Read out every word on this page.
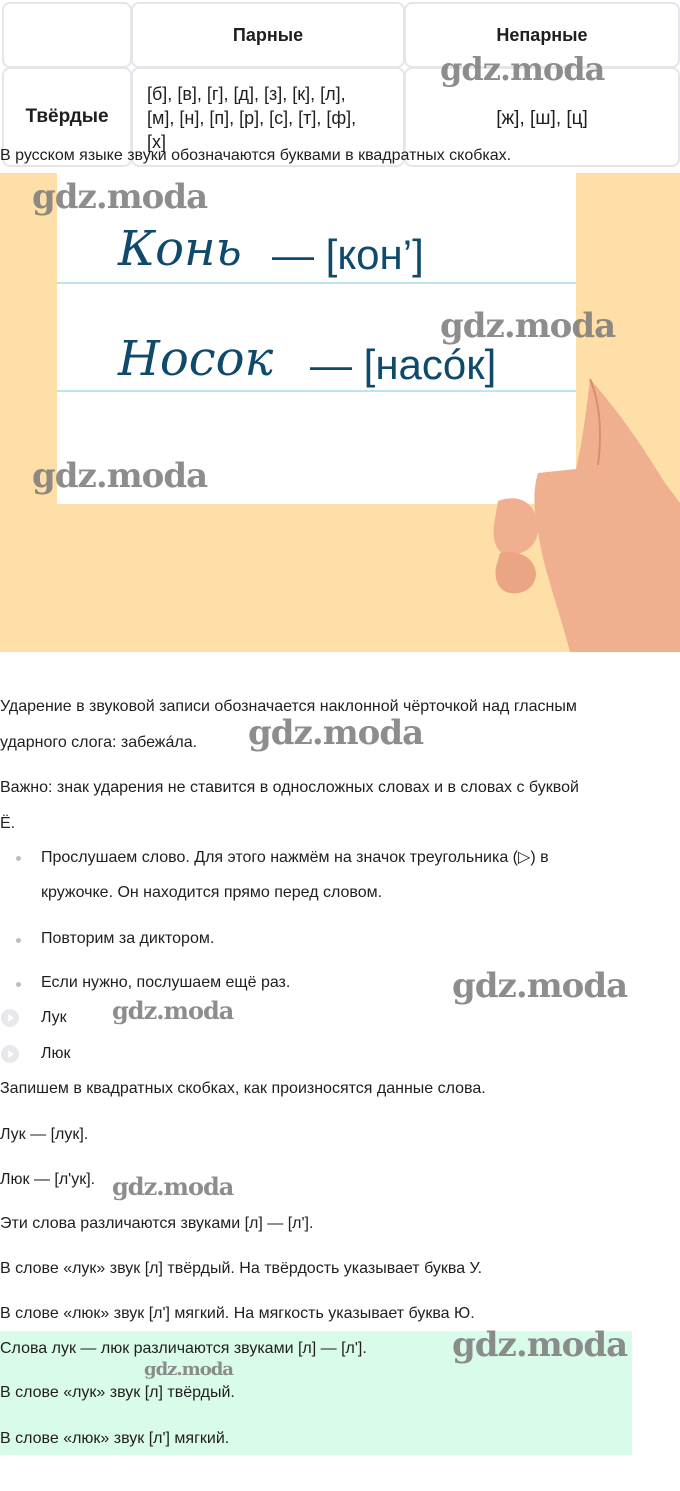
Парные	Непарные
Твёрдые
[б], [в], [г], [д], [з], [к], [л],
[м], [н], [п], [р], [с], [т], [ф],
[х]
[ж], [ш], [ц]
В русском языке звуки обозначаются буквами в квадратных скобках.
Конь — [кон’]
Носок — [насóк]
gdz.moda
gdz.moda
gdz.moda
gdz.moda
Ударение в звуковой записи обозначается наклонной чёрточкой над гласным
ударного слога: забежáла. gdz.moda
Важно: знак ударения не ставится в односложных словах и в словах с буквой
Ё.
Прослушаем слово. Для этого нажмём на значок треугольника (▷) в
кружочке. Он находится прямо перед словом.
Повторим за диктором.
Если нужно, послушаем ещё раз.	gdz.moda
Лук gdz.moda
Люк
Запишем в квадратных скобках, как произносятся данные слова.
Лук — [лук].
Люк — [л'ук]. gdz.moda
Эти слова различаются звуками [л] — [л'].
В слове «лук» звук [л] твёрдый. На твёрдость указывает буква У.
В слове «люк» звук [л'] мягкий. На мягкость указывает буква Ю.
Слова лук — люк различаются звуками [л] — [л'].
В слове «лук» звук [л] твёрдый.
В слове «люк» звук [л'] мягкий.
gdz.moda
gdz.moda
